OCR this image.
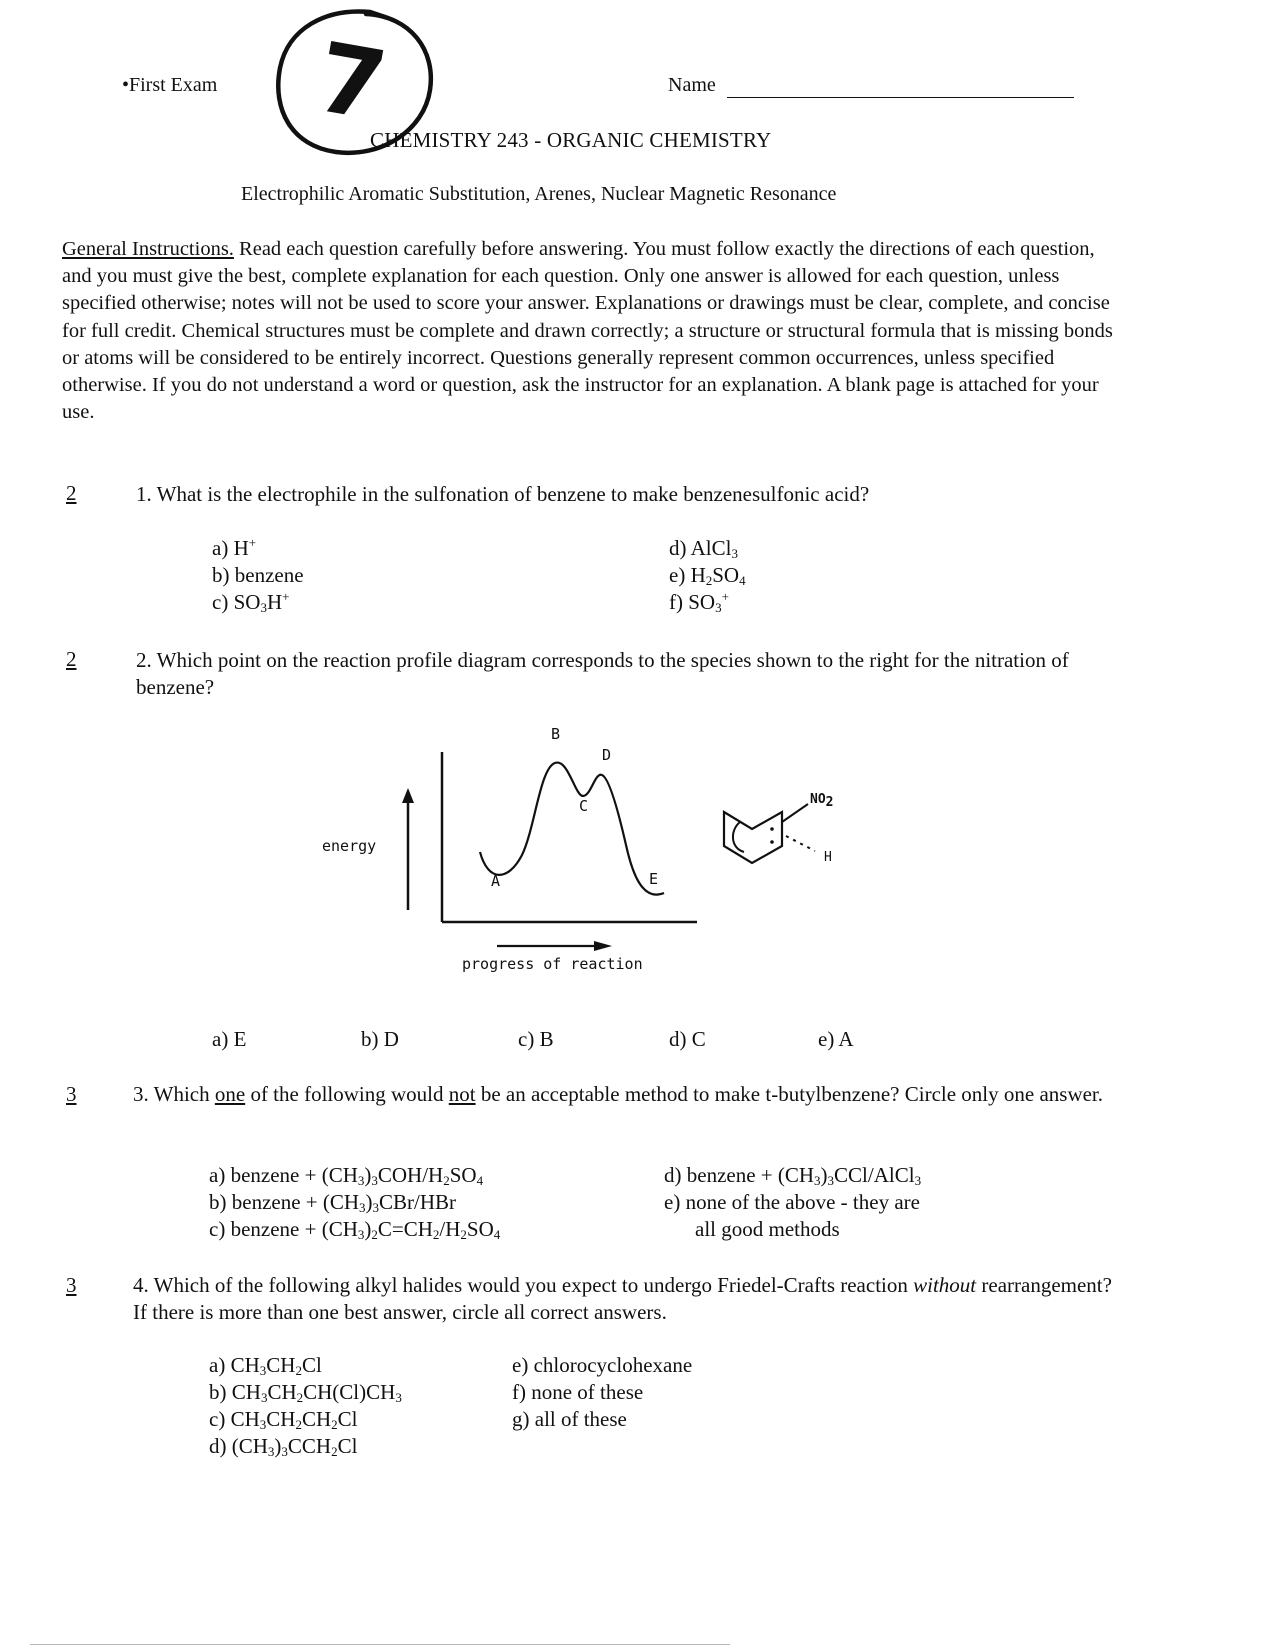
•First Exam 7	Name
CHEMISTRY 243 - ORGANIC CHEMISTRY
Electrophilic Aromatic Substitution, Arenes, Nuclear Magnetic Resonance
General Instructions. Read each question carefully before answering. You must follow exactly the directions of each question, and you must give the best, complete explanation for each question. Only one answer is allowed for each question, unless specified otherwise; notes will not be used to score your answer. Explanations or drawings must be clear, complete, and concise for full credit. Chemical structures must be complete and drawn correctly; a structure or structural formula that is missing bonds or atoms will be considered to be entirely incorrect. Questions generally represent common occurrences, unless specified otherwise. If you do not understand a word or question, ask the instructor for an explanation. A blank page is attached for your use.
2	1. What is the electrophile in the sulfonation of benzene to make benzenesulfonic acid?
a) H+
b) benzene
c) $SO_3H^+$
d) AlCl$_3$
e) $H_2SO_4$
f) $SO_3^+$
2	2. Which point on the reaction profile diagram corresponds to the species shown to the right for the nitration of benzene?
energy
progress of reaction
A
B
C
D
E
$NO_2$
H
a) E	b) D	c) B	d) C	e) A
3	3. Which one of the following would not be an acceptable method to make t-butylbenzene? Circle only one answer.
a) benzene + $(CH_3)_3COH/H_2SO_4$
b) benzene + $(CH_3)_3CBr$/HBr
c) benzene + $(CH_3)_2C=CH_2/H_2SO_4$
d) benzene + $(CH_3)_3CCl/AlCl_3$
e) none of the above - they are
all good methods
3	4. Which of the following alkyl halides would you expect to undergo Friedel-Crafts reaction without rearrangement? If there is more than one best answer, circle all correct answers.
a) $CH_3CH_2Cl$
b) $CH_3CH_2CH(Cl)CH_3$
c) $CH_3CH_2CH_2Cl$
d) $(CH_3)_3CCH_2Cl$
e) chlorocyclohexane
f) none of these
g) all of these
